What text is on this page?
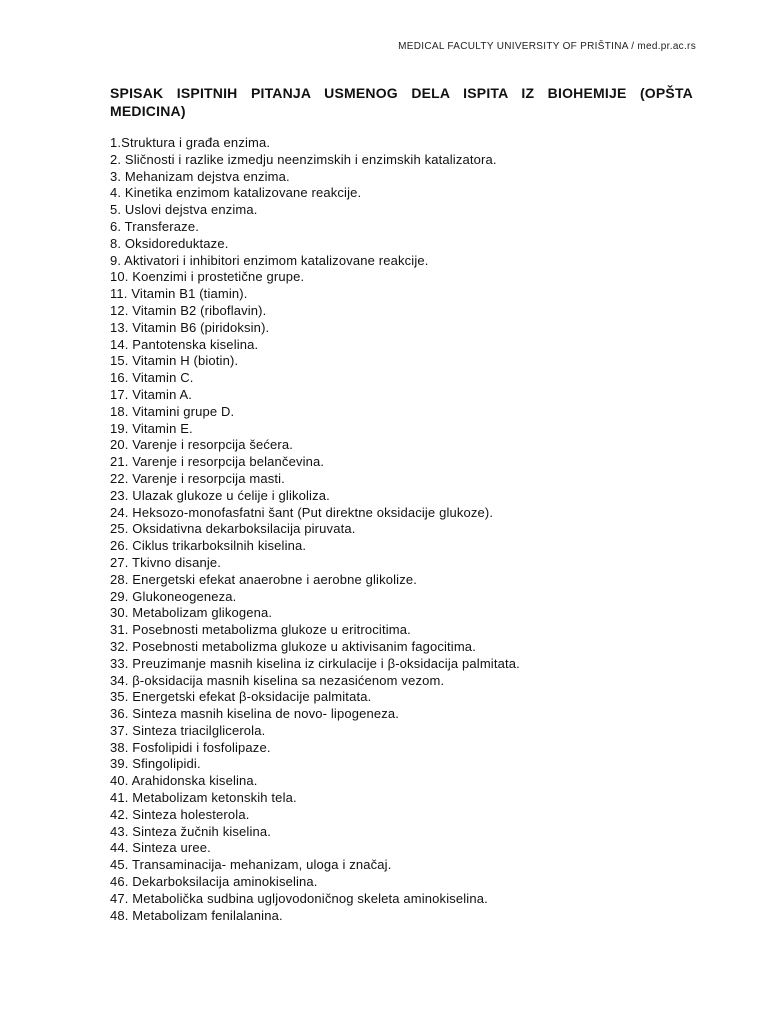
MEDICAL FACULTY UNIVERSITY OF PRIŠTINA / med.pr.ac.rs
SPISAK ISPITNIH PITANJA USMENOG DELA ISPITA IZ BIOHEMIJE (OPŠTA MEDICINA)
1.Struktura i građa enzima.
2. Sličnosti i razlike izmedju neenzimskih i enzimskih katalizatora.
3. Mehanizam dejstva enzima.
4. Kinetika enzimom katalizovane reakcije.
5. Uslovi dejstva enzima.
6. Transferaze.
8. Oksidoreduktaze.
9. Aktivatori i inhibitori enzimom katalizovane reakcije.
10. Koenzimi i prostetične grupe.
11. Vitamin B1 (tiamin).
12. Vitamin B2 (riboflavin).
13. Vitamin B6 (piridoksin).
14. Pantotenska kiselina.
15. Vitamin H (biotin).
16. Vitamin C.
17. Vitamin A.
18. Vitamini grupe D.
19. Vitamin E.
20. Varenje i resorpcija šećera.
21. Varenje i resorpcija belančevina.
22. Varenje i resorpcija masti.
23. Ulazak glukoze u ćelije i glikoliza.
24. Heksozo-monofasfatni šant (Put direktne oksidacije glukoze).
25. Oksidativna dekarboksilacija piruvata.
26. Ciklus trikarboksilnih kiselina.
27. Tkivno disanje.
28. Energetski efekat anaerobne i aerobne glikolize.
29. Glukoneogeneza.
30. Metabolizam glikogena.
31. Posebnosti metabolizma glukoze u eritrocitima.
32. Posebnosti metabolizma glukoze u aktivisanim fagocitima.
33. Preuzimanje masnih kiselina iz cirkulacije i β-oksidacija palmitata.
34. β-oksidacija masnih kiselina sa nezasićenom vezom.
35. Energetski efekat β-oksidacije palmitata.
36. Sinteza masnih kiselina de novo- lipogeneza.
37. Sinteza triacilglicerola.
38. Fosfolipidi i fosfolipaze.
39. Sfingolipidi.
40. Arahidonska kiselina.
41. Metabolizam ketonskih tela.
42. Sinteza holesterola.
43. Sinteza žučnih kiselina.
44. Sinteza uree.
45. Transaminacija- mehanizam, uloga i značaj.
46. Dekarboksilacija aminokiselina.
47. Metabolička sudbina ugljovodoničnog skeleta aminokiselina.
48. Metabolizam fenilalanina.
